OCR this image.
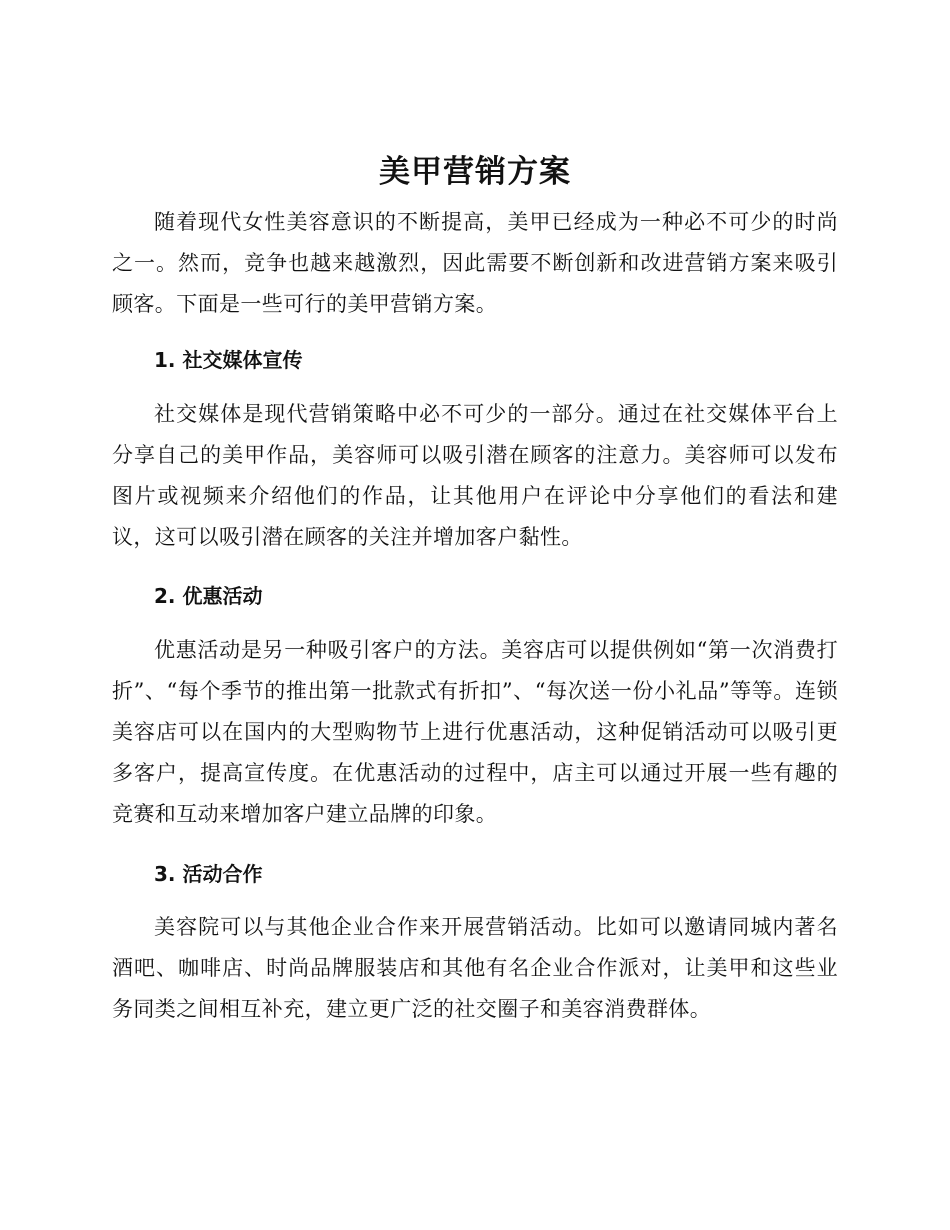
美甲营销方案

随着现代女性美容意识的不断提高，美甲已经成为一种必不可少的时尚之一。然而，竞争也越来越激烈，因此需要不断创新和改进营销方案来吸引顾客。下面是一些可行的美甲营销方案。

1. 社交媒体宣传

社交媒体是现代营销策略中必不可少的一部分。通过在社交媒体平台上分享自己的美甲作品，美容师可以吸引潜在顾客的注意力。美容师可以发布图片或视频来介绍他们的作品，让其他用户在评论中分享他们的看法和建议，这可以吸引潜在顾客的关注并增加客户黏性。

2. 优惠活动

优惠活动是另一种吸引客户的方法。美容店可以提供例如“第一次消费打折”、“每个季节的推出第一批款式有折扣”、“每次送一份小礼品”等等。连锁美容店可以在国内的大型购物节上进行优惠活动，这种促销活动可以吸引更多客户，提高宣传度。在优惠活动的过程中，店主可以通过开展一些有趣的竞赛和互动来增加客户建立品牌的印象。

3. 活动合作

美容院可以与其他企业合作来开展营销活动。比如可以邀请同城内著名酒吧、咖啡店、时尚品牌服装店和其他有名企业合作派对，让美甲和这些业务同类之间相互补充，建立更广泛的社交圈子和美容消费群体。
